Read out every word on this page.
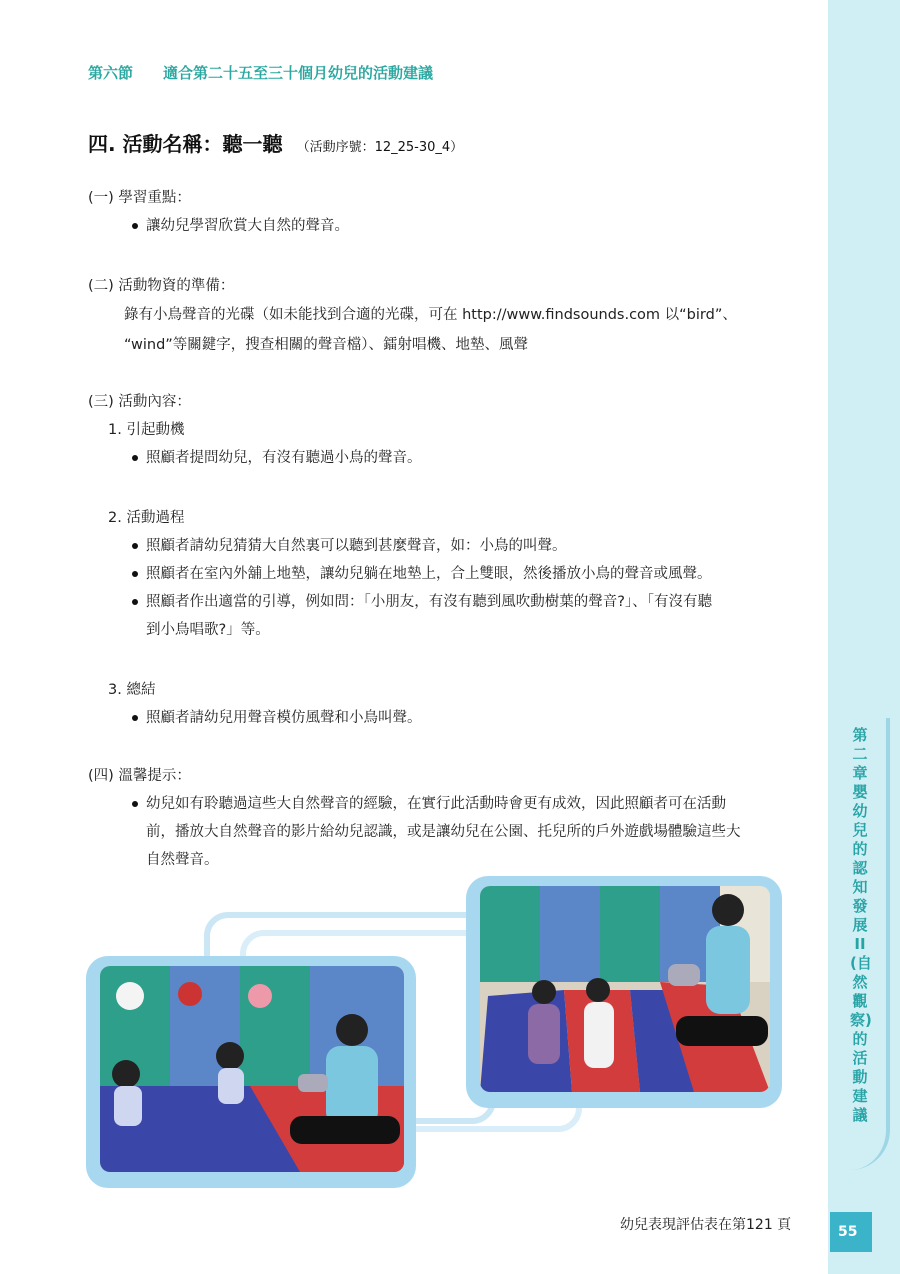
第六節 適合第二十五至三十個月幼兒的活動建議
四. 活動名稱：聽一聽 （活動序號：12_25-30_4）
(一) 學習重點：
讓幼兒學習欣賞大自然的聲音。
(二) 活動物資的準備：
錄有小鳥聲音的光碟（如未能找到合適的光碟，可在 http://www.findsounds.com 以“bird”、
“wind”等關鍵字，搜查相關的聲音檔）、鐳射唱機、地墊、風聲
(三) 活動內容：
1. 引起動機
照顧者提問幼兒，有沒有聽過小鳥的聲音。
2. 活動過程
照顧者請幼兒猜猜大自然裏可以聽到甚麼聲音，如：小鳥的叫聲。
照顧者在室內外舖上地墊，讓幼兒躺在地墊上，合上雙眼，然後播放小鳥的聲音或風聲。
照顧者作出適當的引導，例如問：「小朋友，有沒有聽到風吹動樹葉的聲音?」、「有沒有聽
到小鳥唱歌?」等。
3. 總結
照顧者請幼兒用聲音模仿風聲和小鳥叫聲。
(四) 溫馨提示：
幼兒如有聆聽過這些大自然聲音的經驗，在實行此活動時會更有成效，因此照顧者可在活動
前，播放大自然聲音的影片給幼兒認識，或是讓幼兒在公園、托兒所的戶外遊戲場體驗這些大
自然聲音。
第二章 嬰幼兒的認知發展II(自然觀察)的活動建議
幼兒表現評估表在第121 頁	55
